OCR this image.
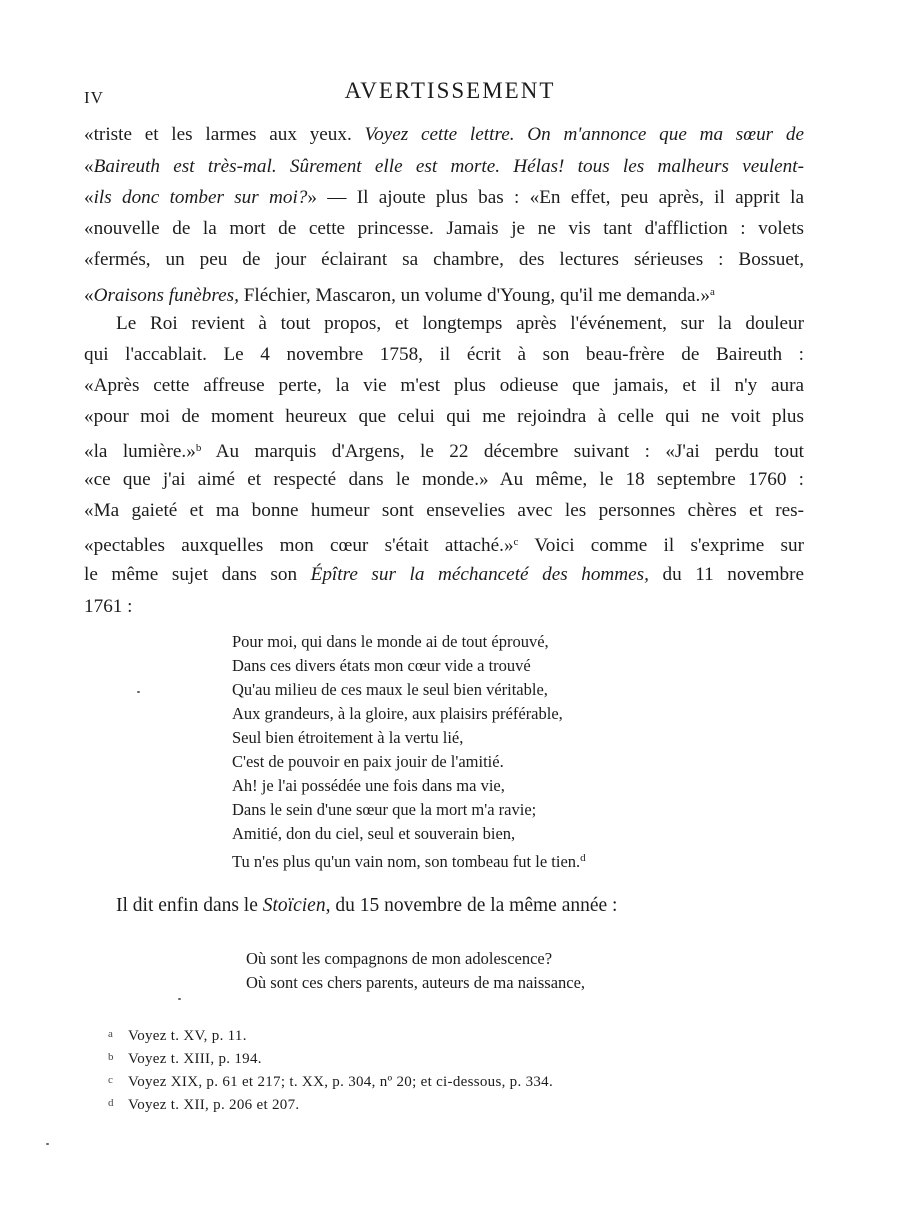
IV	AVERTISSEMENT
«triste et les larmes aux yeux. Voyez cette lettre. On m'annonce que ma sœur de
«Baireuth est très-mal. Sûrement elle est morte. Hélas! tous les malheurs veulent-
«ils donc tomber sur moi?» — Il ajoute plus bas : «En effet, peu après, il apprit la
«nouvelle de la mort de cette princesse. Jamais je ne vis tant d'affliction : volets
«fermés, un peu de jour éclairant sa chambre, des lectures sérieuses : Bossuet,
«Oraisons funèbres, Fléchier, Mascaron, un volume d'Young, qu'il me demanda.»$^a$
Le Roi revient à tout propos, et longtemps après l'événement, sur la douleur
qui l'accablait. Le 4 novembre 1758, il écrit à son beau-frère de Baireuth :
«Après cette affreuse perte, la vie m'est plus odieuse que jamais, et il n'y aura
«pour moi de moment heureux que celui qui me rejoindra à celle qui ne voit plus
«la lumière.»$^b$ Au marquis d'Argens, le 22 décembre suivant : «J'ai perdu tout
«ce que j'ai aimé et respecté dans le monde.» Au même, le 18 septembre 1760 :
«Ma gaieté et ma bonne humeur sont ensevelies avec les personnes chères et res-
«pectables auxquelles mon cœur s'était attaché.»$^c$ Voici comme il s'exprime sur
le même sujet dans son Épître sur la méchanceté des hommes, du 11 novembre
1761 :
Pour moi, qui dans le monde ai de tout éprouvé,
Dans ces divers états mon cœur vide a trouvé
Qu'au milieu de ces maux le seul bien véritable,
Aux grandeurs, à la gloire, aux plaisirs préférable,
Seul bien étroitement à la vertu lié,
C'est de pouvoir en paix jouir de l'amitié.
Ah! je l'ai possédée une fois dans ma vie,
Dans le sein d'une sœur que la mort m'a ravie;
Amitié, don du ciel, seul et souverain bien,
Tu n'es plus qu'un vain nom, son tombeau fut le tien.$^d$
Il dit enfin dans le Stoïcien, du 15 novembre de la même année :
Où sont les compagnons de mon adolescence?
Où sont ces chers parents, auteurs de ma naissance,
a Voyez t. XV, p. 11.
b Voyez t. XIII, p. 194.
c Voyez XIX, p. 61 et 217; t. XX, p. 304, nº 20; et ci-dessous, p. 334.
d Voyez t. XII, p. 206 et 207.
